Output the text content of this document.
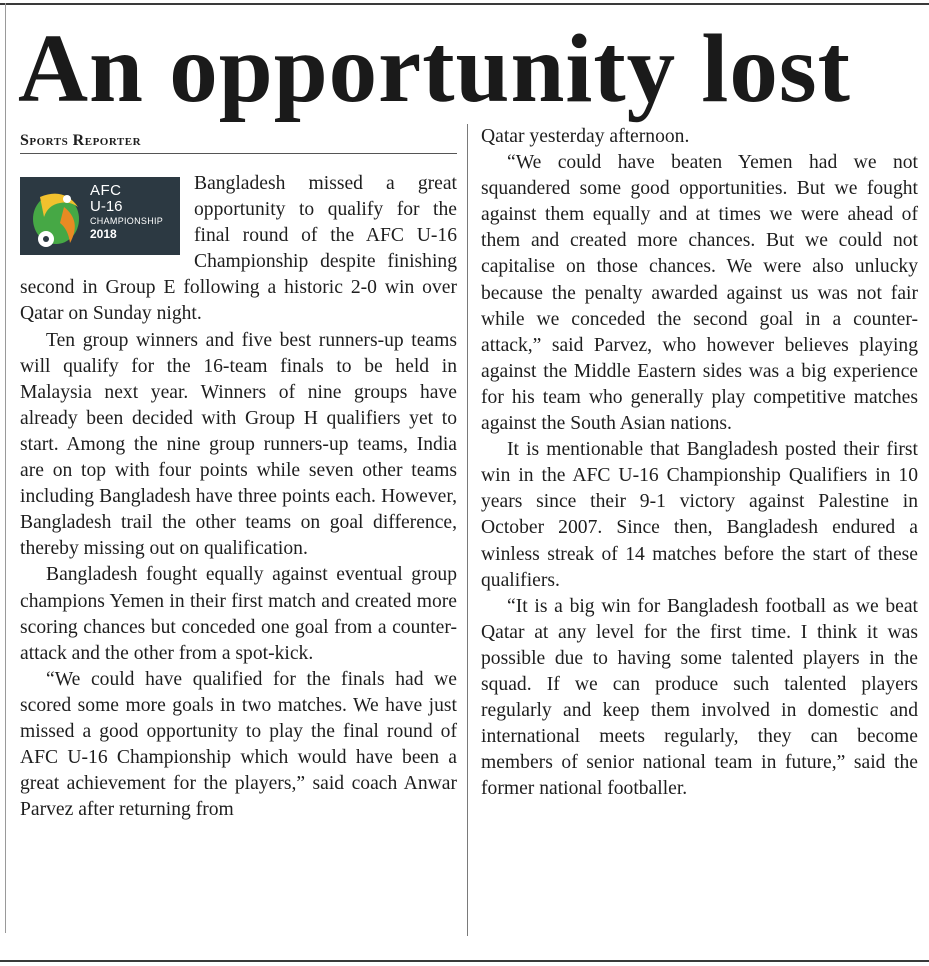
An opportunity lost
Sports Reporter
AFC
U-16
CHAMPIONSHIP
2018

Bangladesh missed a great opportunity to qualify for the final round of the AFC U-16 Championship despite finishing second in Group E following a historic 2-0 win over Qatar on Sunday night.

Ten group winners and five best runners-up teams will qualify for the 16-team finals to be held in Malaysia next year. Winners of nine groups have already been decided with Group H qualifiers yet to start. Among the nine group runners-up teams, India are on top with four points while seven other teams including Bangladesh have three points each. However, Bangladesh trail the other teams on goal difference, thereby missing out on qualification.

Bangladesh fought equally against eventual group champions Yemen in their first match and created more scoring chances but conceded one goal from a counter-attack and the other from a spot-kick.

“We could have qualified for the finals had we scored some more goals in two matches. We have just missed a good opportunity to play the final round of AFC U-16 Championship which would have been a great achievement for the players,” said coach Anwar Parvez after returning from

Qatar yesterday afternoon.

“We could have beaten Yemen had we not squandered some good opportunities. But we fought against them equally and at times we were ahead of them and created more chances. But we could not capitalise on those chances. We were also unlucky because the penalty awarded against us was not fair while we conceded the second goal in a counter-attack,” said Parvez, who however believes playing against the Middle Eastern sides was a big experience for his team who generally play competitive matches against the South Asian nations.

It is mentionable that Bangladesh posted their first win in the AFC U-16 Championship Qualifiers in 10 years since their 9-1 victory against Palestine in October 2007. Since then, Bangladesh endured a winless streak of 14 matches before the start of these qualifiers.

“It is a big win for Bangladesh football as we beat Qatar at any level for the first time. I think it was possible due to having some talented players in the squad. If we can produce such talented players regularly and keep them involved in domestic and international meets regularly, they can become members of senior national team in future,” said the former national footballer.
